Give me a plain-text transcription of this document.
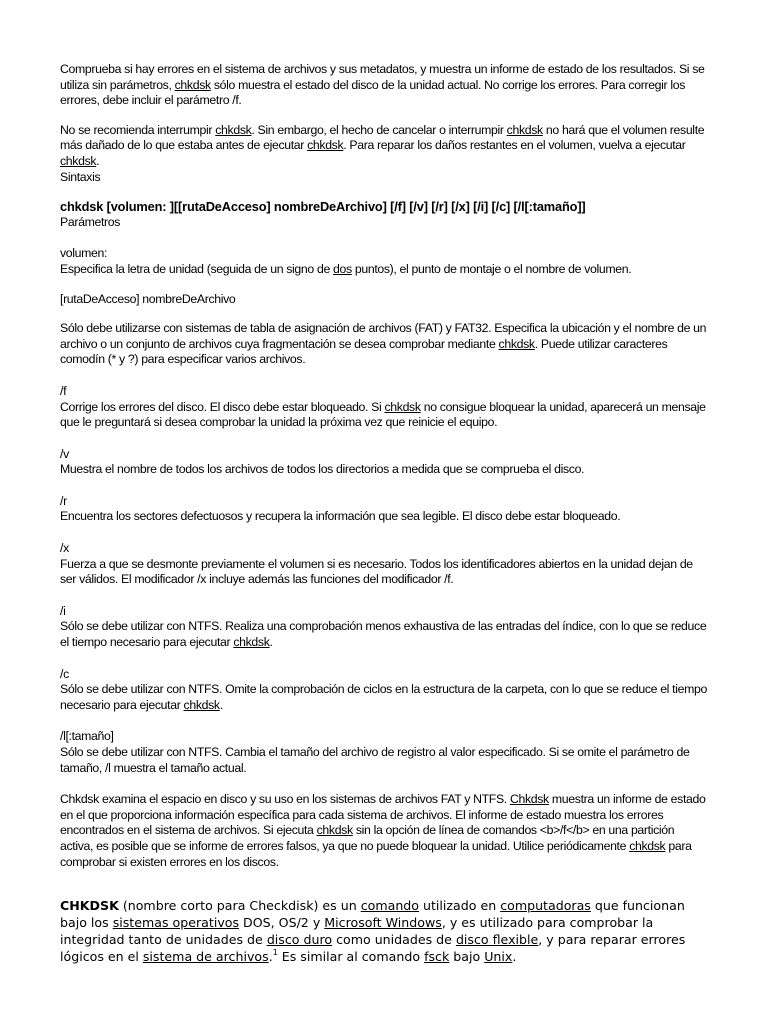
Comprueba si hay errores en el sistema de archivos y sus metadatos, y muestra un informe de estado de los resultados. Si se utiliza sin parámetros, chkdsk sólo muestra el estado del disco de la unidad actual. No corrige los errores. Para corregir los errores, debe incluir el parámetro /f.

No se recomienda interrumpir chkdsk. Sin embargo, el hecho de cancelar o interrumpir chkdsk no hará que el volumen resulte más dañado de lo que estaba antes de ejecutar chkdsk. Para reparar los daños restantes en el volumen, vuelva a ejecutar chkdsk.

Sintaxis

chkdsk [volumen: ][[rutaDeAcceso] nombreDeArchivo] [/f] [/v] [/r] [/x] [/i] [/c] [/l[:tamaño]]

Parámetros

volumen:

Especifica la letra de unidad (seguida de un signo de dos puntos), el punto de montaje o el nombre de volumen.

[rutaDeAcceso] nombreDeArchivo

Sólo debe utilizarse con sistemas de tabla de asignación de archivos (FAT) y FAT32. Especifica la ubicación y el nombre de un archivo o un conjunto de archivos cuya fragmentación se desea comprobar mediante chkdsk. Puede utilizar caracteres comodín (* y ?) para especificar varios archivos.

/f

Corrige los errores del disco. El disco debe estar bloqueado. Si chkdsk no consigue bloquear la unidad, aparecerá un mensaje que le preguntará si desea comprobar la unidad la próxima vez que reinicie el equipo.

/v

Muestra el nombre de todos los archivos de todos los directorios a medida que se comprueba el disco.

/r

Encuentra los sectores defectuosos y recupera la información que sea legible. El disco debe estar bloqueado.

/x

Fuerza a que se desmonte previamente el volumen si es necesario. Todos los identificadores abiertos en la unidad dejan de ser válidos. El modificador /x incluye además las funciones del modificador /f.

/i

Sólo se debe utilizar con NTFS. Realiza una comprobación menos exhaustiva de las entradas del índice, con lo que se reduce el tiempo necesario para ejecutar chkdsk.

/c

Sólo se debe utilizar con NTFS. Omite la comprobación de ciclos en la estructura de la carpeta, con lo que se reduce el tiempo necesario para ejecutar chkdsk.

/l[:tamaño]

Sólo se debe utilizar con NTFS. Cambia el tamaño del archivo de registro al valor especificado. Si se omite el parámetro de tamaño, /l muestra el tamaño actual.

Chkdsk examina el espacio en disco y su uso en los sistemas de archivos FAT y NTFS. Chkdsk muestra un informe de estado en el que proporciona información específica para cada sistema de archivos. El informe de estado muestra los errores encontrados en el sistema de archivos. Si ejecuta chkdsk sin la opción de línea de comandos <b>/f</b> en una partición activa, es posible que se informe de errores falsos, ya que no puede bloquear la unidad. Utilice periódicamente chkdsk para comprobar si existen errores en los discos.

CHKDSK (nombre corto para Checkdisk) es un comando utilizado en computadoras que funcionan bajo los sistemas operativos DOS, OS/2 y Microsoft Windows, y es utilizado para comprobar la integridad tanto de unidades de disco duro como unidades de disco flexible, y para reparar errores lógicos en el sistema de archivos.$^1$ Es similar al comando fsck bajo Unix.
